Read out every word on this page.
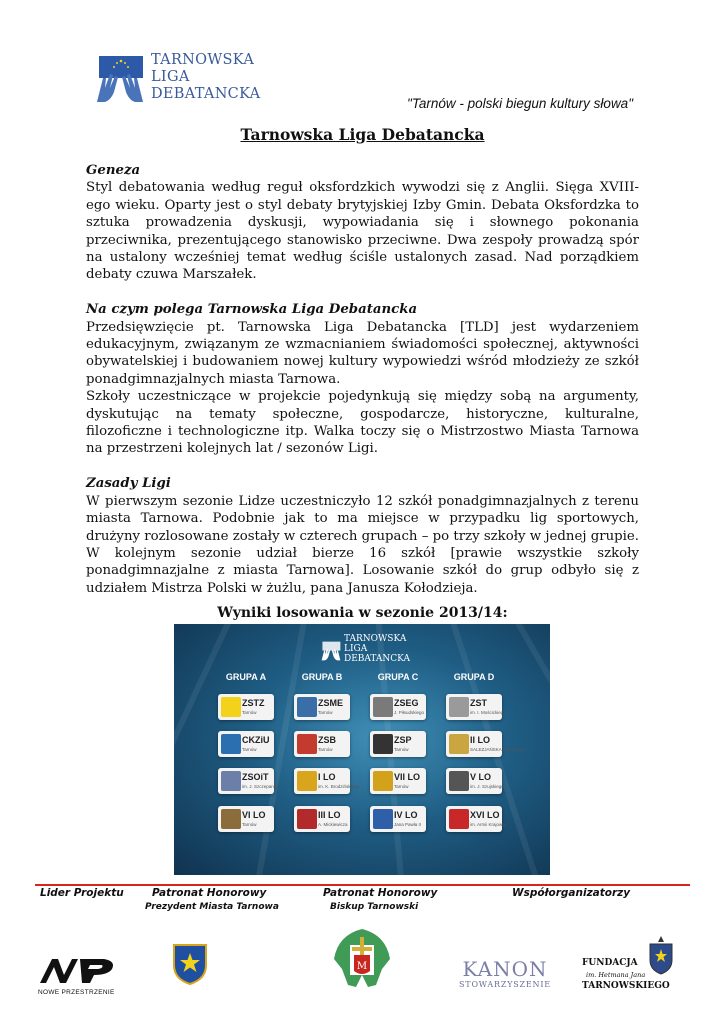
TARNOWSKA
LIGA
DEBATANCKA
"Tarnów - polski biegun kultury słowa"
Tarnowska Liga Debatancka
Geneza

Styl debatowania według reguł oksfordzkich wywodzi się z Anglii. Sięga XVIII-ego wieku. Oparty jest o styl debaty brytyjskiej Izby Gmin. Debata Oksfordzka to sztuka prowadzenia dyskusji, wypowiadania się i słownego pokonania przeciwnika, prezentującego stanowisko przeciwne. Dwa zespoły prowadzą spór na ustalony wcześniej temat według ściśle ustalonych zasad. Nad porządkiem debaty czuwa Marszałek.

Na czym polega Tarnowska Liga Debatancka

Przedsięwzięcie pt. Tarnowska Liga Debatancka [TLD] jest wydarzeniem edukacyjnym, związanym ze wzmacnianiem świadomości społecznej, aktywności obywatelskiej i budowaniem nowej kultury wypowiedzi wśród młodzieży ze szkół ponadgimnazjalnych miasta Tarnowa.

Szkoły uczestniczące w projekcie pojedynkują się między sobą na argumenty, dyskutując na tematy społeczne, gospodarcze, historyczne, kulturalne, filozoficzne i technologiczne itp. Walka toczy się o Mistrzostwo Miasta Tarnowa na przestrzeni kolejnych lat / sezonów Ligi.

Zasady Ligi

W pierwszym sezonie Lidze uczestniczyło 12 szkół ponadgimnazjalnych z terenu miasta Tarnowa. Podobnie jak to ma miejsce w przypadku lig sportowych, drużyny rozlosowane zostały w czterech grupach – po trzy szkoły w jednej grupie. W kolejnym sezonie udział bierze 16 szkół [prawie wszystkie szkoły ponadgimnazjalne z miasta Tarnowa]. Losowanie szkół do grup odbyło się z udziałem Mistrza Polski w żużlu, pana Janusza Kołodzieja.

Wyniki losowania w sezonie 2013/14:
TARNOWSKA
LIGA
DEBATANCKA
GRUPA A
ZSTZ
Tarnów
CKZiU
Tarnów
ZSOiT
im. J. Szczepanika
VI LO
Tarnów
GRUPA B
ZSME
Tarnów
ZSB
Tarnów
I LO
im. K. Brodzińskiego
III LO
A. Mickiewicza
GRUPA C
ZSEG
J. Piłsudskiego
ZSP
Tarnów
VII LO
Tarnów
IV LO
Jana Pawła II
GRUPA D
ZST
im. I. Mościckiego
II LO
SALEZJAŃSKA Tarnowska
V LO
im. J. Szujskiego
XVI LO
im. Armii Krajowej
Lider Projektu	Patronat Honorowy
Prezydent Miasta Tarnowa
Patronat Honorowy
Biskup Tarnowski
Współorganizatorzy
NOWE PRZESTRZENIE
M	KANON
STOWARZYSZENIE
FUNDACJA
im. Hetmana Jana
TARNOWSKIEGO
